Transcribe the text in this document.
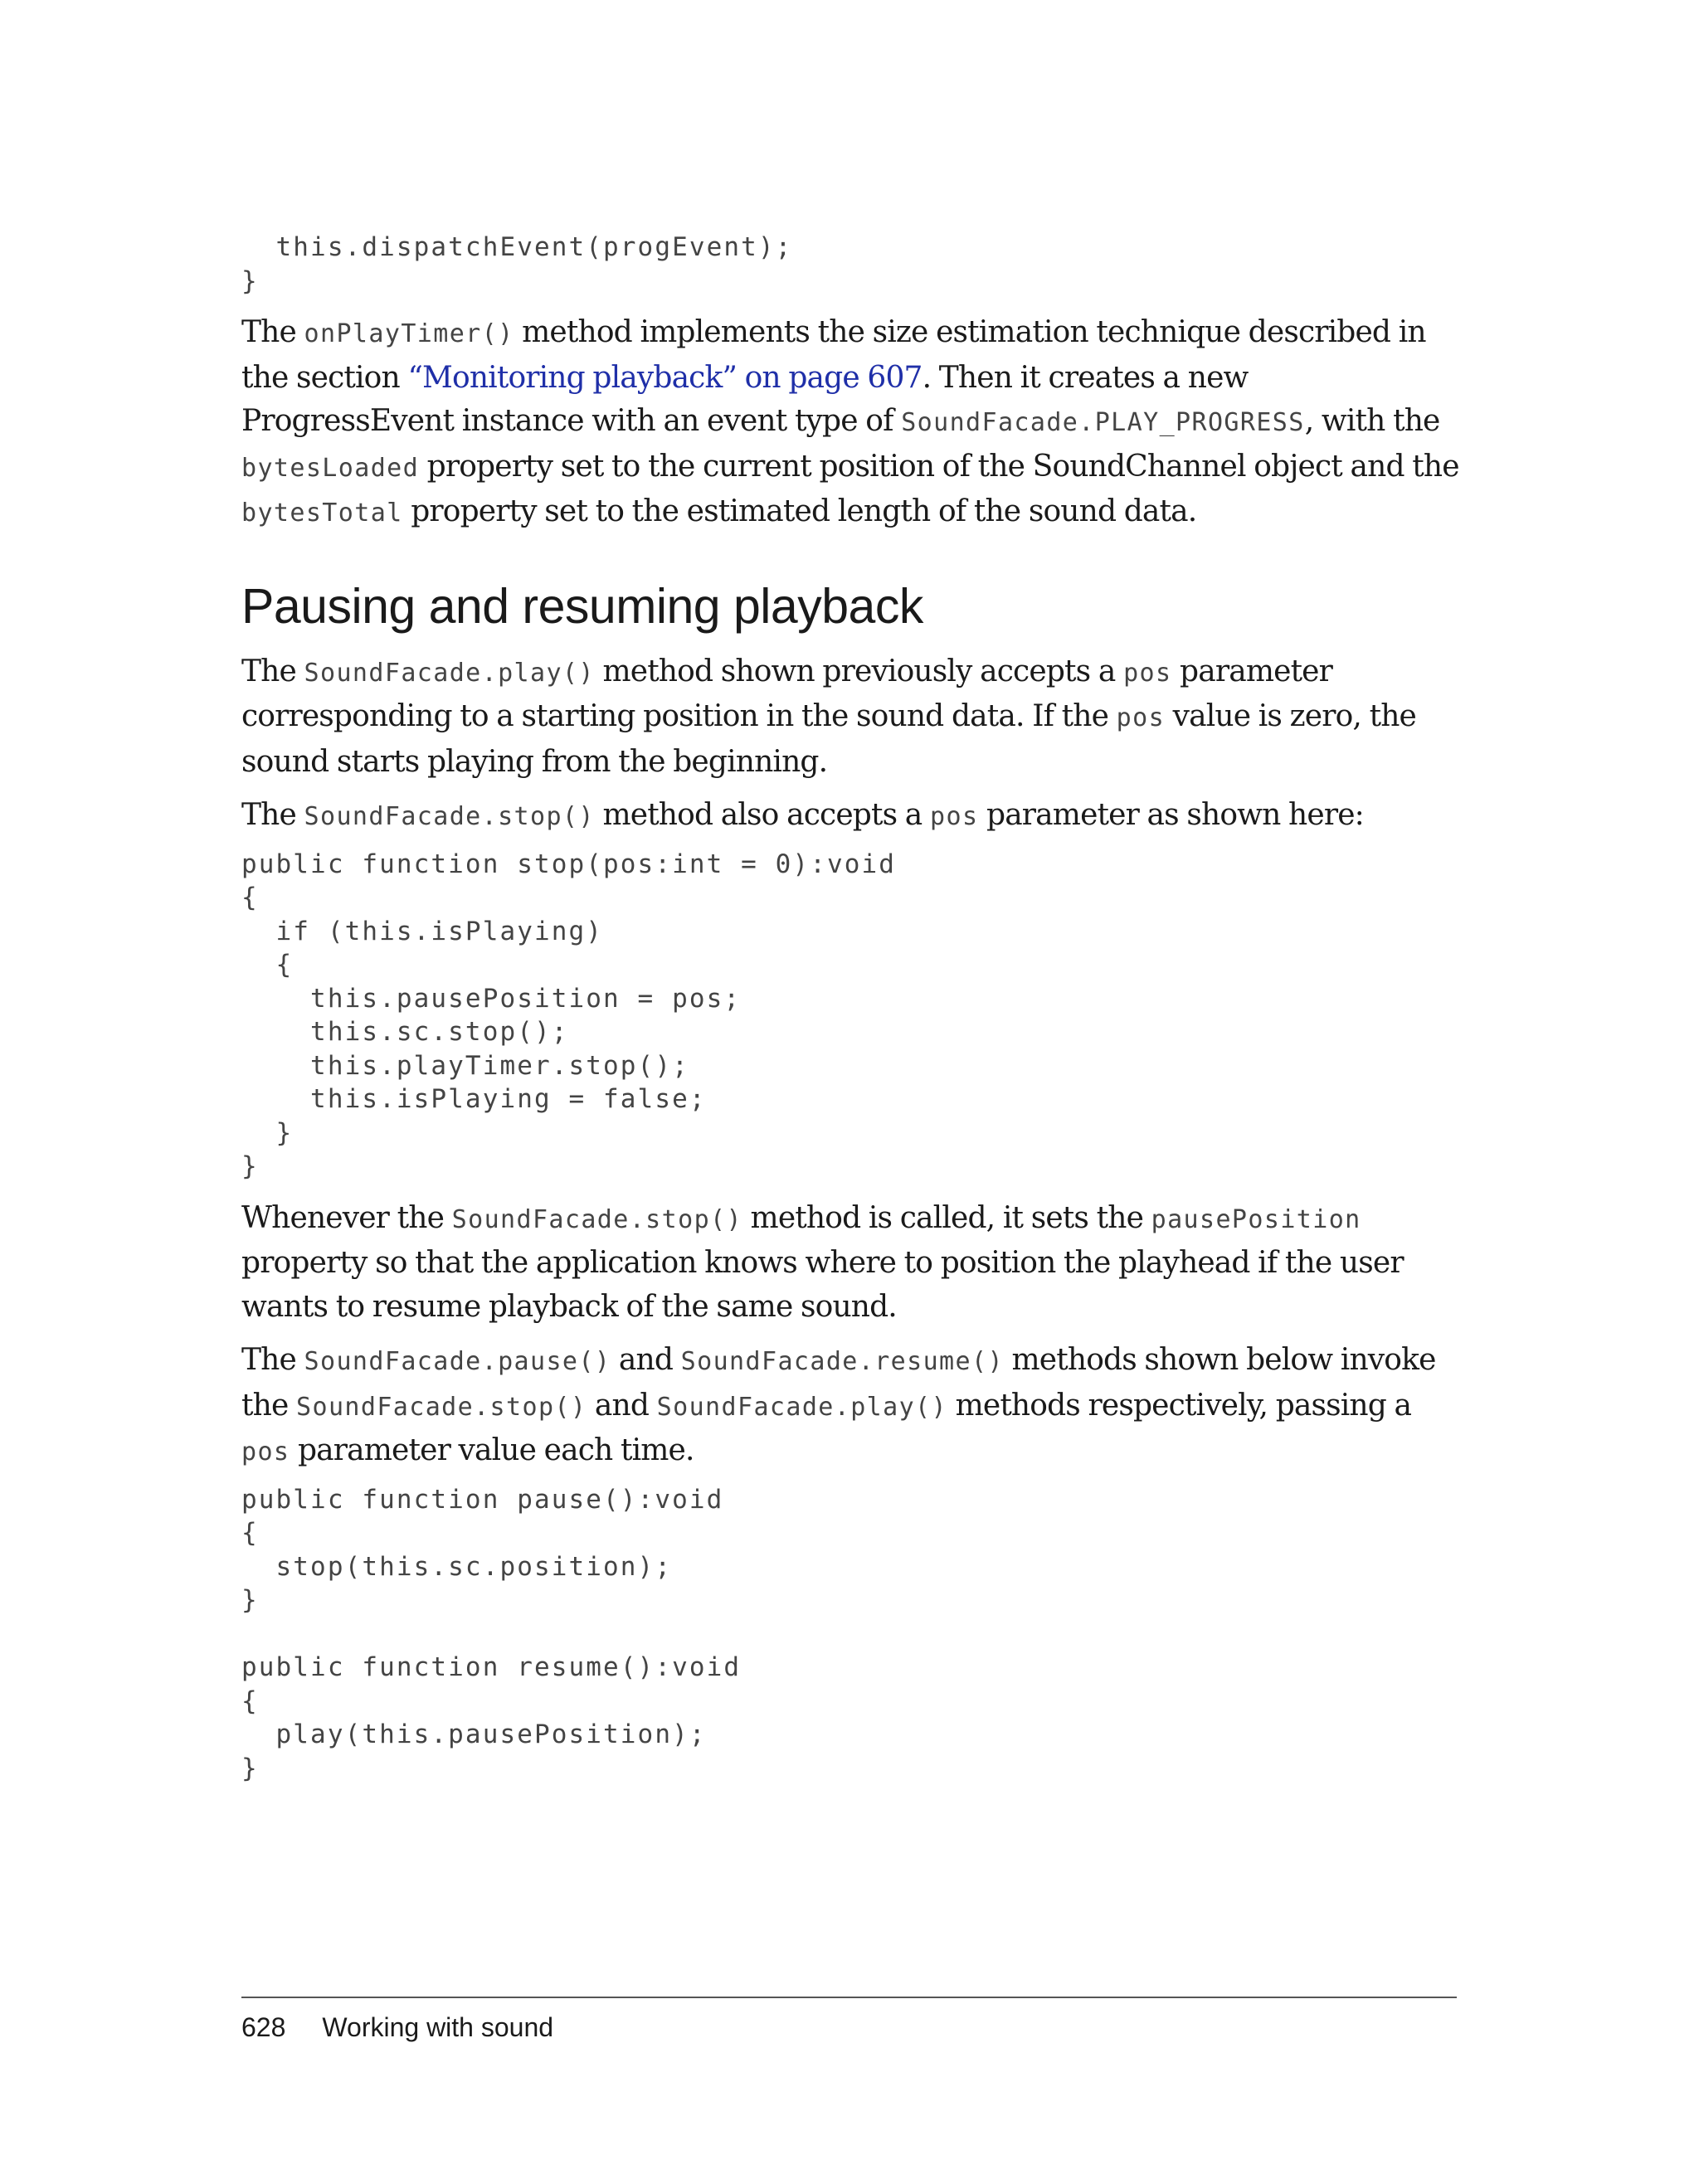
this.dispatchEvent(progEvent);
}

The onPlayTimer() method implements the size estimation technique described in the section “Monitoring playback” on page 607. Then it creates a new ProgressEvent instance with an event type of SoundFacade.PLAY_PROGRESS, with the bytesLoaded property set to the current position of the SoundChannel object and the bytesTotal property set to the estimated length of the sound data.

Pausing and resuming playback

The SoundFacade.play() method shown previously accepts a pos parameter corresponding to a starting position in the sound data. If the pos value is zero, the sound starts playing from the beginning.

The SoundFacade.stop() method also accepts a pos parameter as shown here:

public function stop(pos:int = 0):void
{
if (this.isPlaying)
{
this.pausePosition = pos;
this.sc.stop();
this.playTimer.stop();
this.isPlaying = false;
}
}

Whenever the SoundFacade.stop() method is called, it sets the pausePosition property so that the application knows where to position the playhead if the user wants to resume playback of the same sound.

The SoundFacade.pause() and SoundFacade.resume() methods shown below invoke the SoundFacade.stop() and SoundFacade.play() methods respectively, passing a pos parameter value each time.

public function pause():void
{
stop(this.sc.position);
}

public function resume():void
{
play(this.pausePosition);
}
628 Working with sound
